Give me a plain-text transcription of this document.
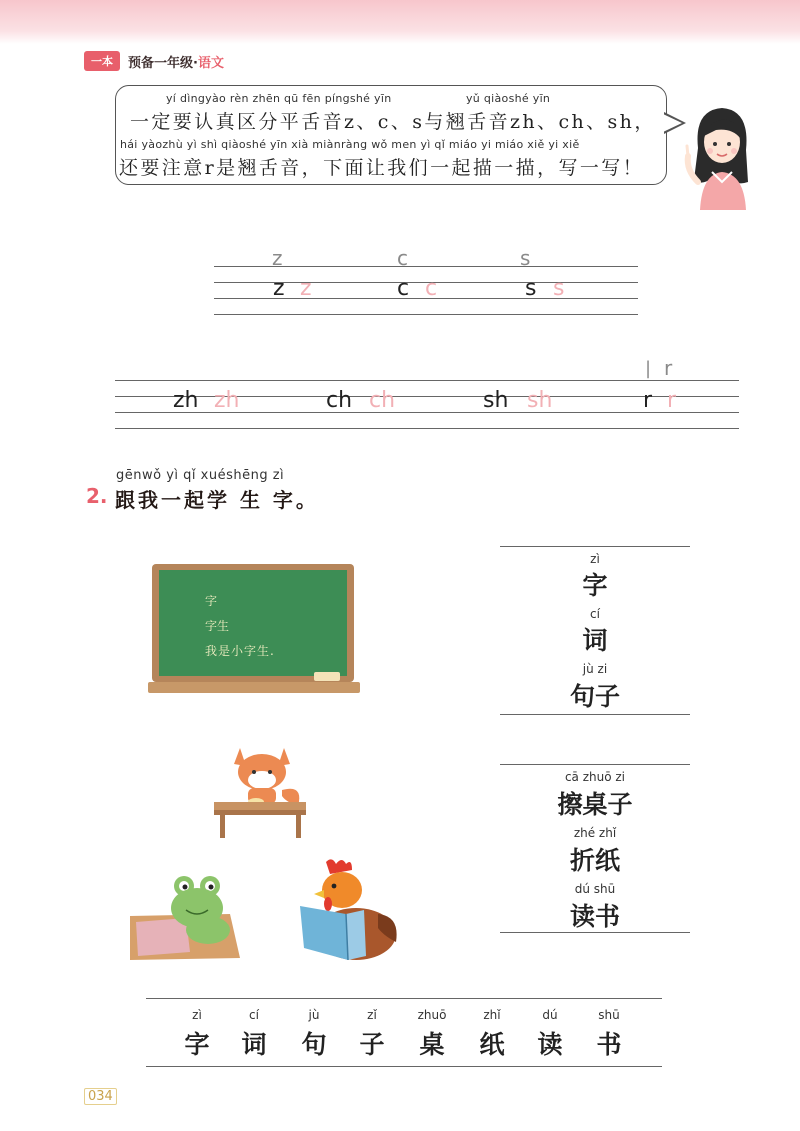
一本	预备一年级·语文
yí dìngyào rèn zhēn qū fēn píngshé yīn	yǔ qiàoshé yīn
一定要认真区分平舌音z、c、s与翘舌音zh、ch、sh，
hái yàozhù yì shì qiàoshé yīn xià miànràng wǒ men yì qǐ miáo yi miáo xiě yi xiě
还要注意r是翘舌音，下面让我们一起描一描，写一写！
z	c	s
z z	c c	s s
| r
zh zh	ch ch	sh sh	r r
2.
gēnwǒ yì qǐ xuéshēng zì
跟我一起学 生 字。
字
字生
我是小字生.
zì
字
cí
词
jù zi
句子
cā zhuō zi
擦桌子
zhé zhǐ
折纸
dú shū
读书
zì
字
cí
词
jù
句
zǐ
子
zhuō
桌
zhǐ
纸
dú
读
shū
书
034
